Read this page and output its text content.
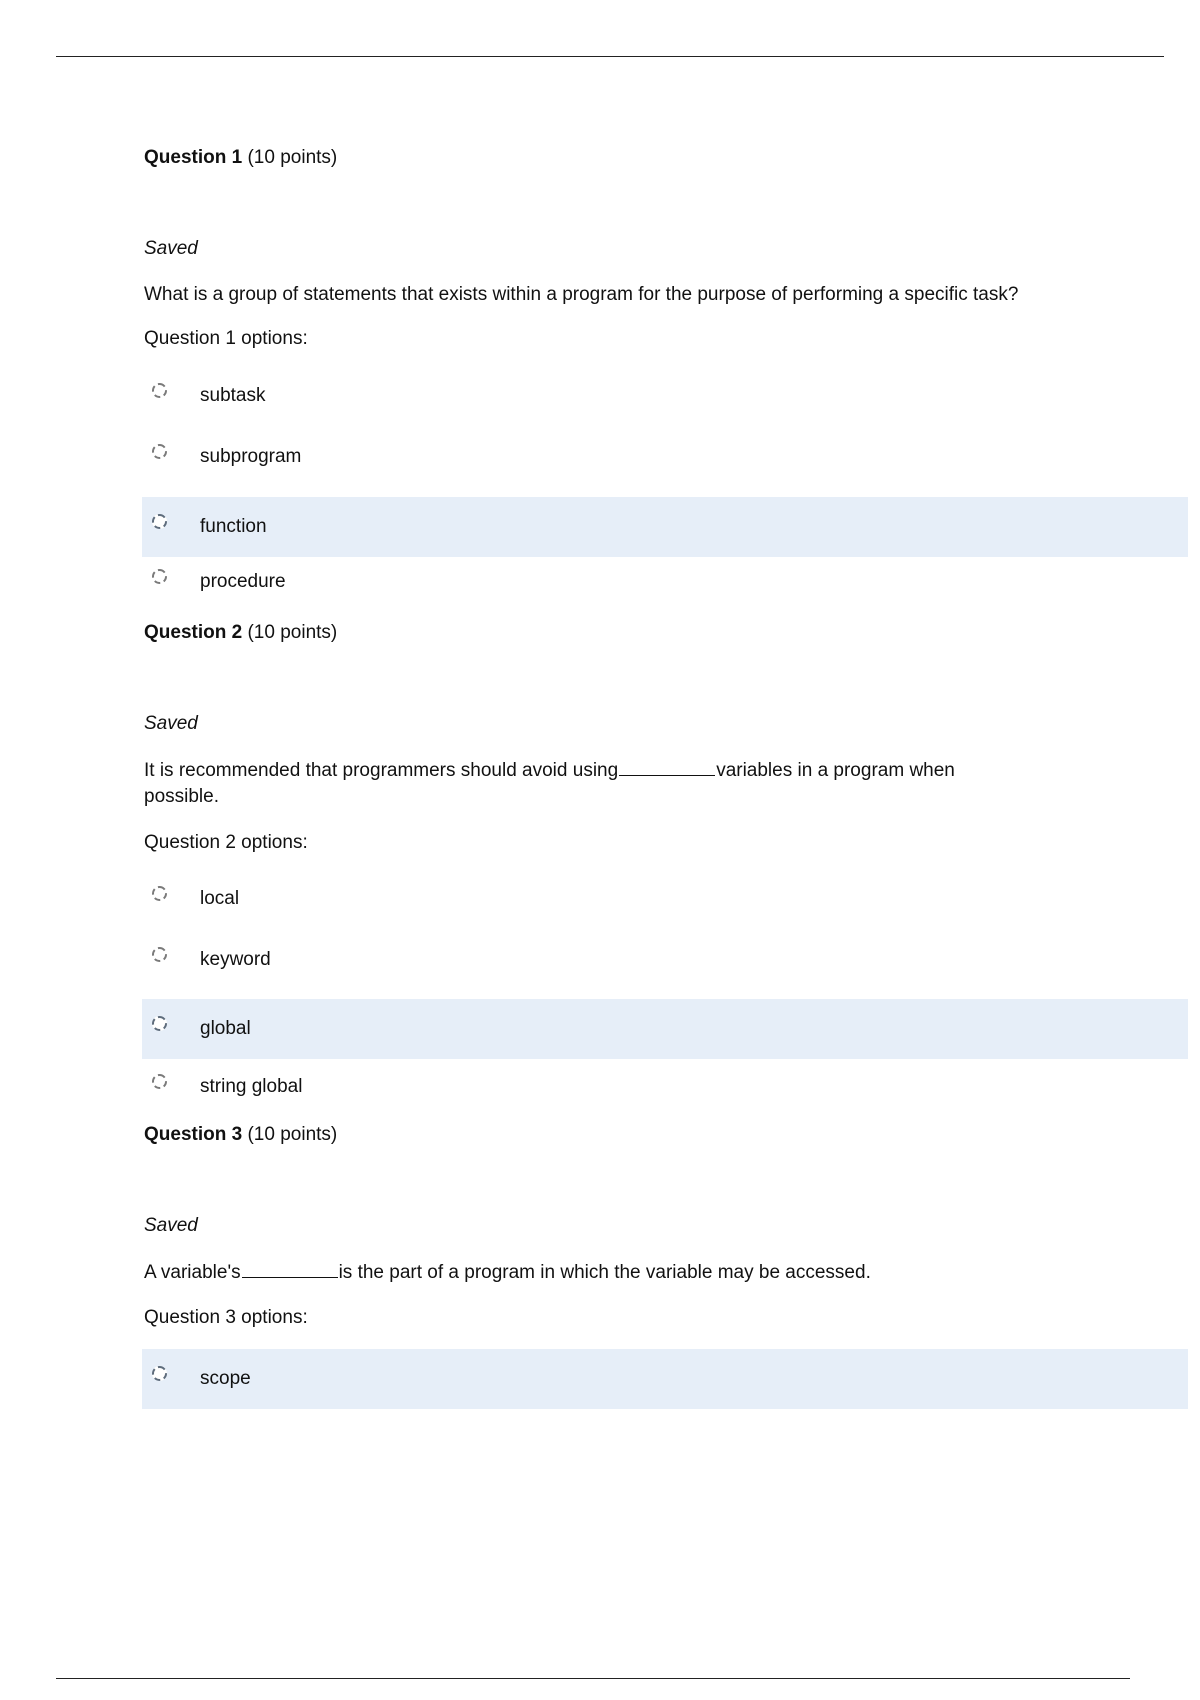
Question 1 (10 points)
Saved
What is a group of statements that exists within a program for the purpose of performing a specific task?
Question 1 options:
subtask
subprogram
function
procedure
Question 2 (10 points)
Saved
It is recommended that programmers should avoid using	variables in a program when possible.
Question 2 options:
local
keyword
global
string global
Question 3 (10 points)
Saved
A variable's	is the part of a program in which the variable may be accessed.
Question 3 options:
scope
